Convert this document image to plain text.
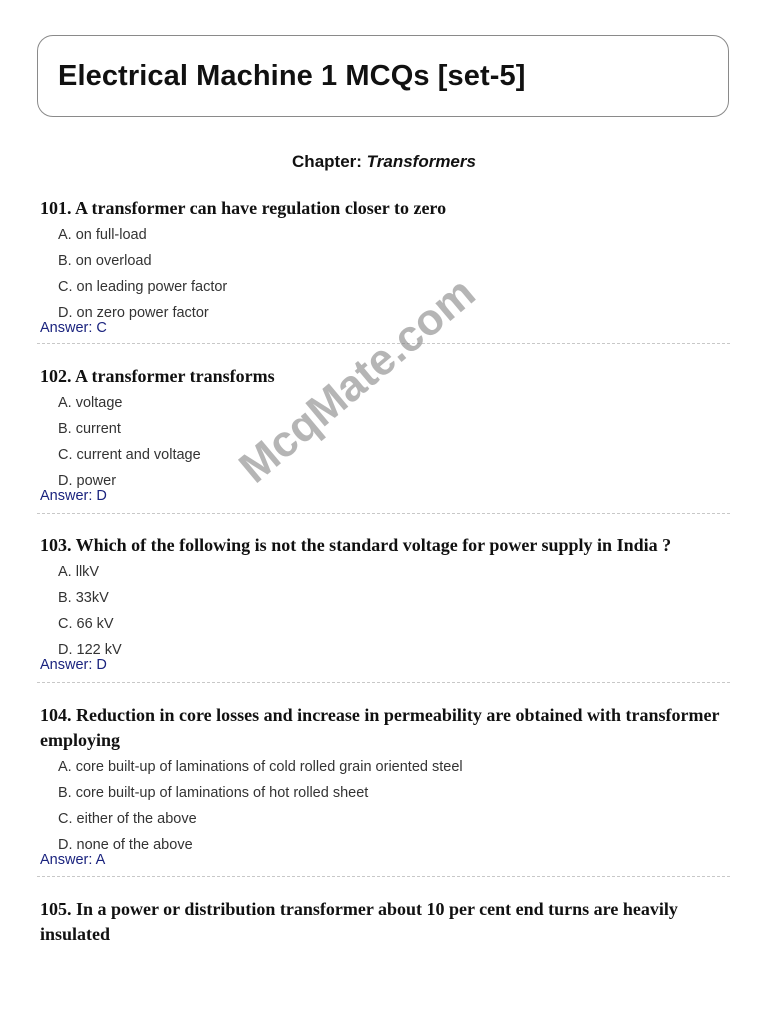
Electrical Machine 1 MCQs [set-5]
Chapter: Transformers
101. A transformer can have regulation closer to zero
A. on full-load
B. on overload
C. on leading power factor
D. on zero power factor
Answer: C
102. A transformer transforms
A. voltage
B. current
C. current and voltage
D. power
Answer: D
103. Which of the following is not the standard voltage for power supply in India ?
A. llkV
B. 33kV
C. 66 kV
D. 122 kV
Answer: D
104. Reduction in core losses and increase in permeability are obtained with transformer employing
A. core built-up of laminations of cold rolled grain oriented steel
B. core built-up of laminations of hot rolled sheet
C. either of the above
D. none of the above
Answer: A
105. In a power or distribution transformer about 10 per cent end turns are heavily insulated
McqMate.com
